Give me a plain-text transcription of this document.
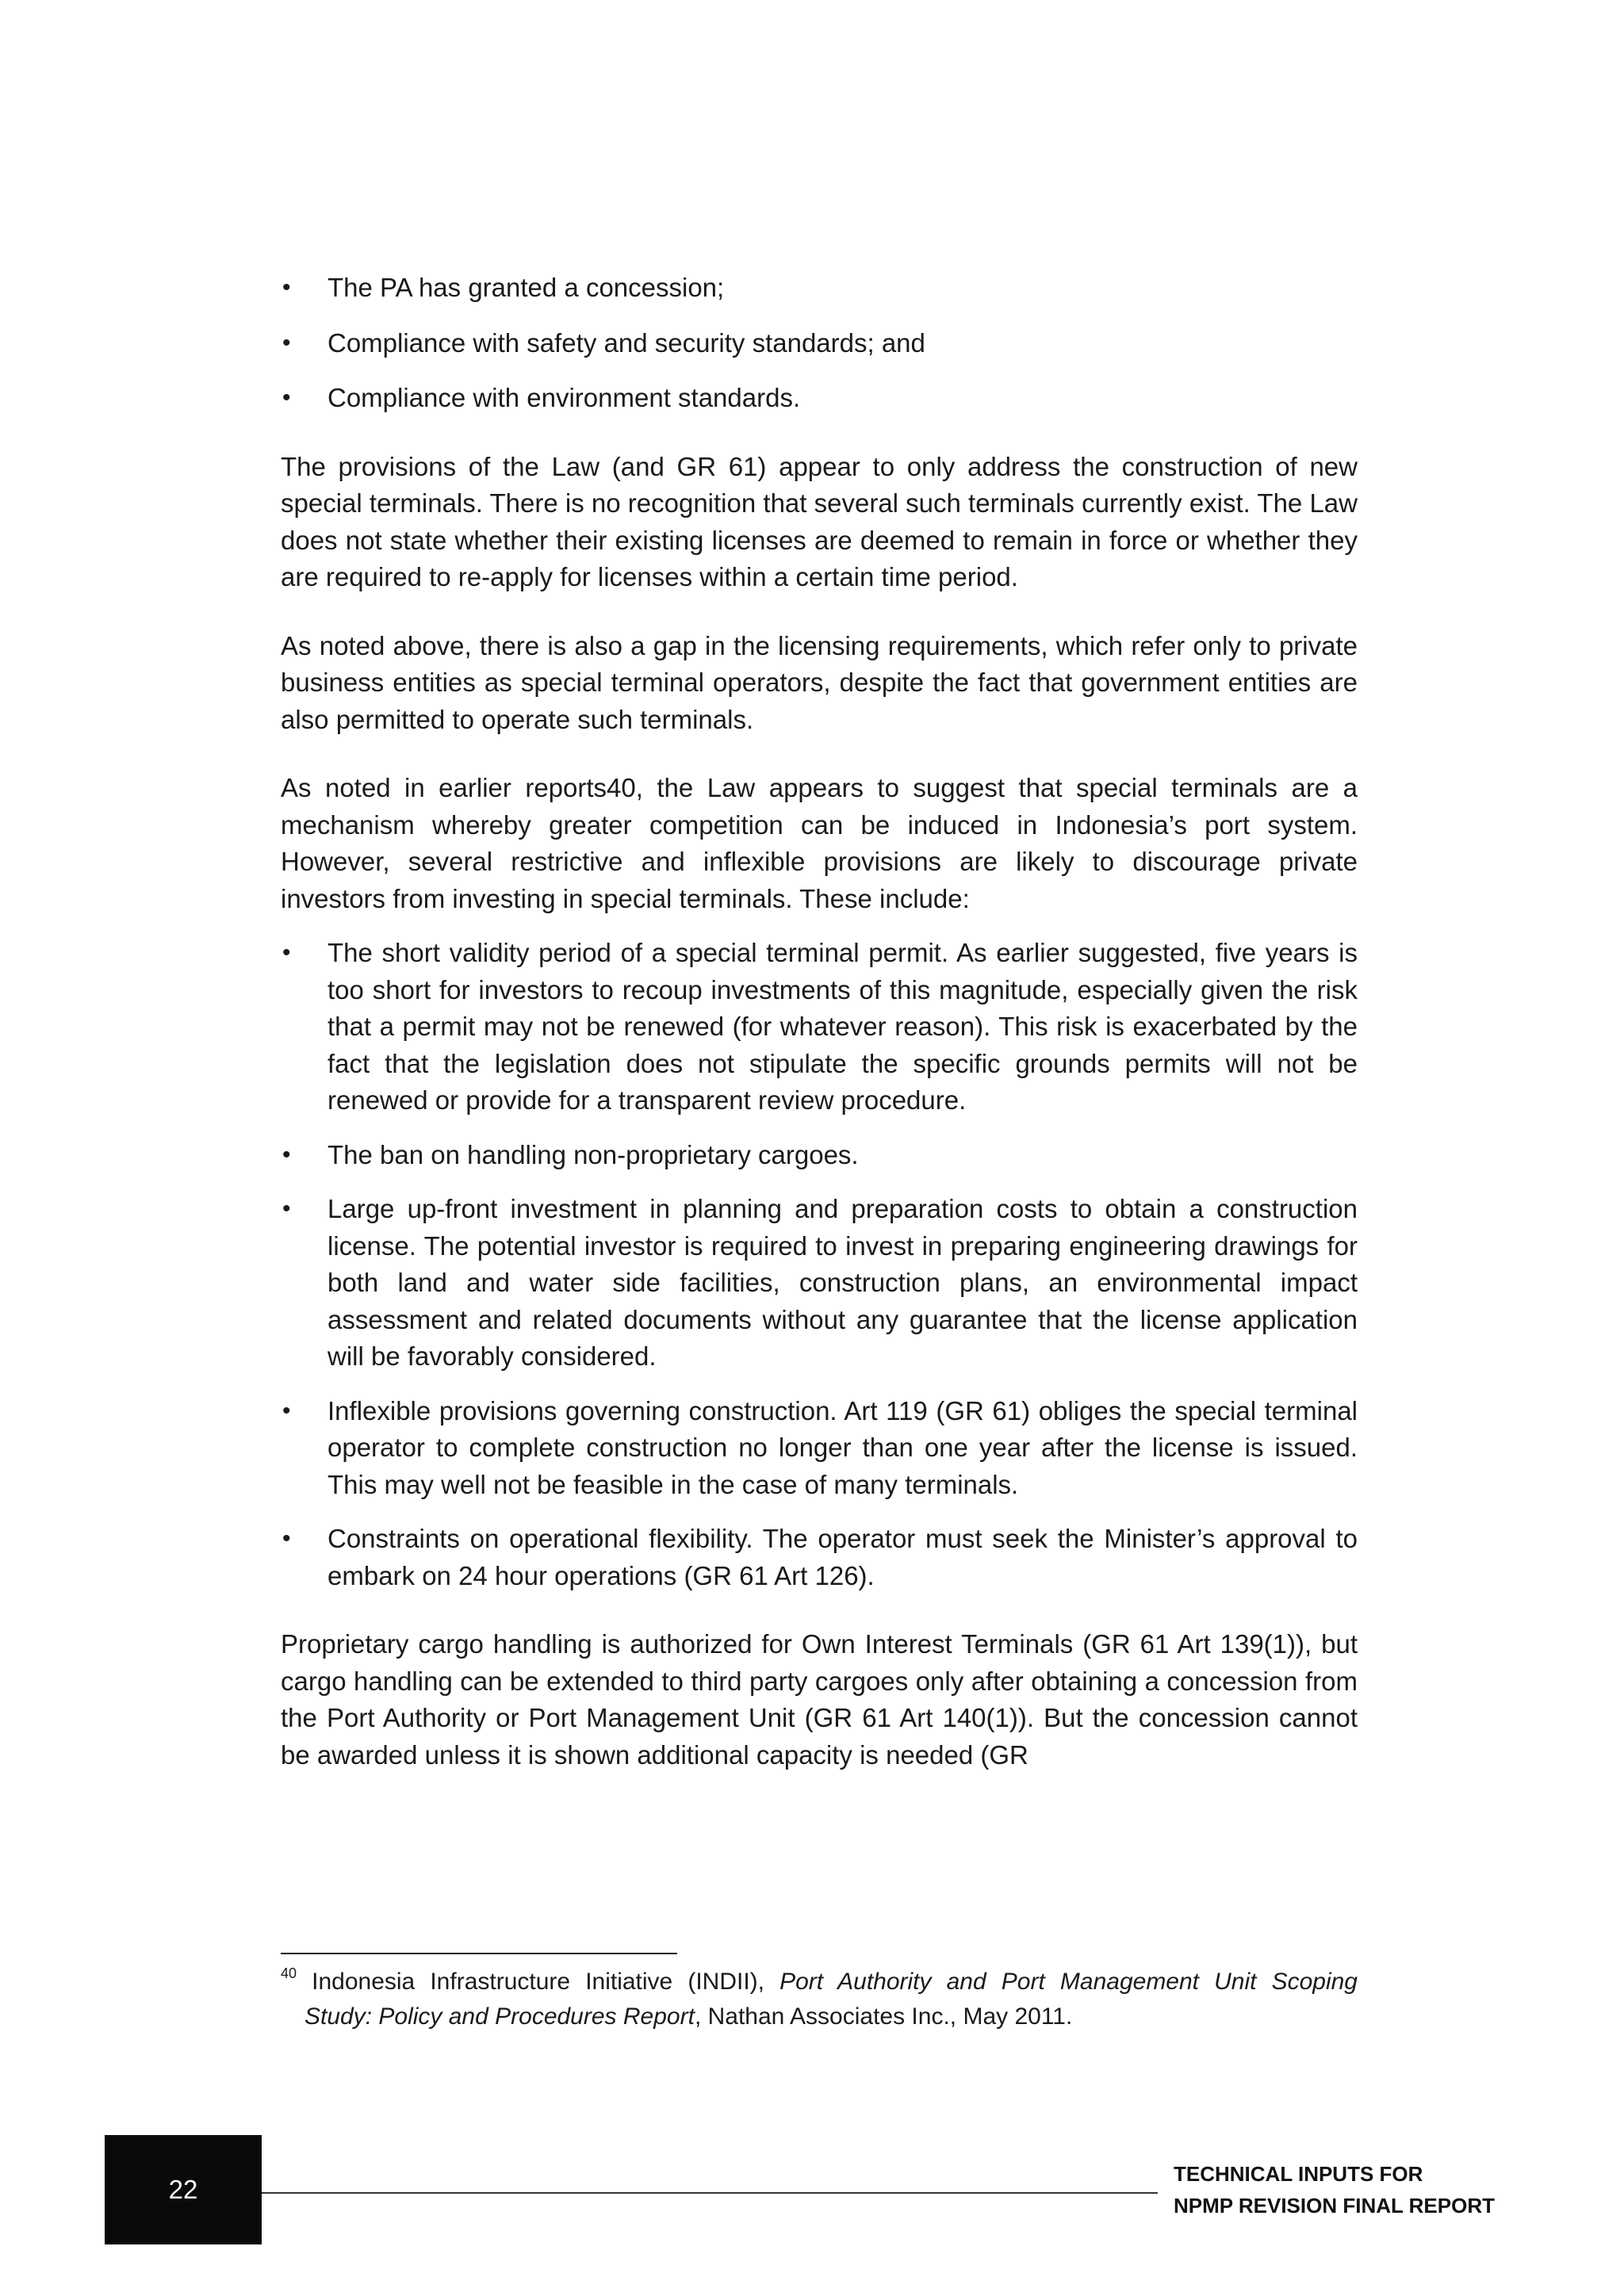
• The PA has granted a concession;
• Compliance with safety and security standards; and
• Compliance with environment standards.

The provisions of the Law (and GR 61) appear to only address the construction of new special terminals. There is no recognition that several such terminals currently exist. The Law does not state whether their existing licenses are deemed to remain in force or whether they are required to re-apply for licenses within a certain time period.

As noted above, there is also a gap in the licensing requirements, which refer only to private business entities as special terminal operators, despite the fact that government entities are also permitted to operate such terminals.

As noted in earlier reports40, the Law appears to suggest that special terminals are a mechanism whereby greater competition can be induced in Indonesia’s port system. However, several restrictive and inflexible provisions are likely to discourage private investors from investing in special terminals. These include:

• The short validity period of a special terminal permit. As earlier suggested, five years is too short for investors to recoup investments of this magnitude, especially given the risk that a permit may not be renewed (for whatever reason). This risk is exacerbated by the fact that the legislation does not stipulate the specific grounds permits will not be renewed or provide for a transparent review procedure.
• The ban on handling non-proprietary cargoes.
• Large up-front investment in planning and preparation costs to obtain a construction license. The potential investor is required to invest in preparing engineering drawings for both land and water side facilities, construction plans, an environmental impact assessment and related documents without any guarantee that the license application will be favorably considered.
• Inflexible provisions governing construction. Art 119 (GR 61) obliges the special terminal operator to complete construction no longer than one year after the license is issued. This may well not be feasible in the case of many terminals.
• Constraints on operational flexibility. The operator must seek the Minister’s approval to embark on 24 hour operations (GR 61 Art 126).

Proprietary cargo handling is authorized for Own Interest Terminals (GR 61 Art 139(1)), but cargo handling can be extended to third party cargoes only after obtaining a concession from the Port Authority or Port Management Unit (GR 61 Art 140(1)). But the concession cannot be awarded unless it is shown additional capacity is needed (GR

$^{40}$ Indonesia Infrastructure Initiative (INDII), Port Authority and Port Management Unit Scoping
Study: Policy and Procedures Report, Nathan Associates Inc., May 2011.
22
TECHNICAL INPUTS FOR
NPMP REVISION FINAL REPORT
